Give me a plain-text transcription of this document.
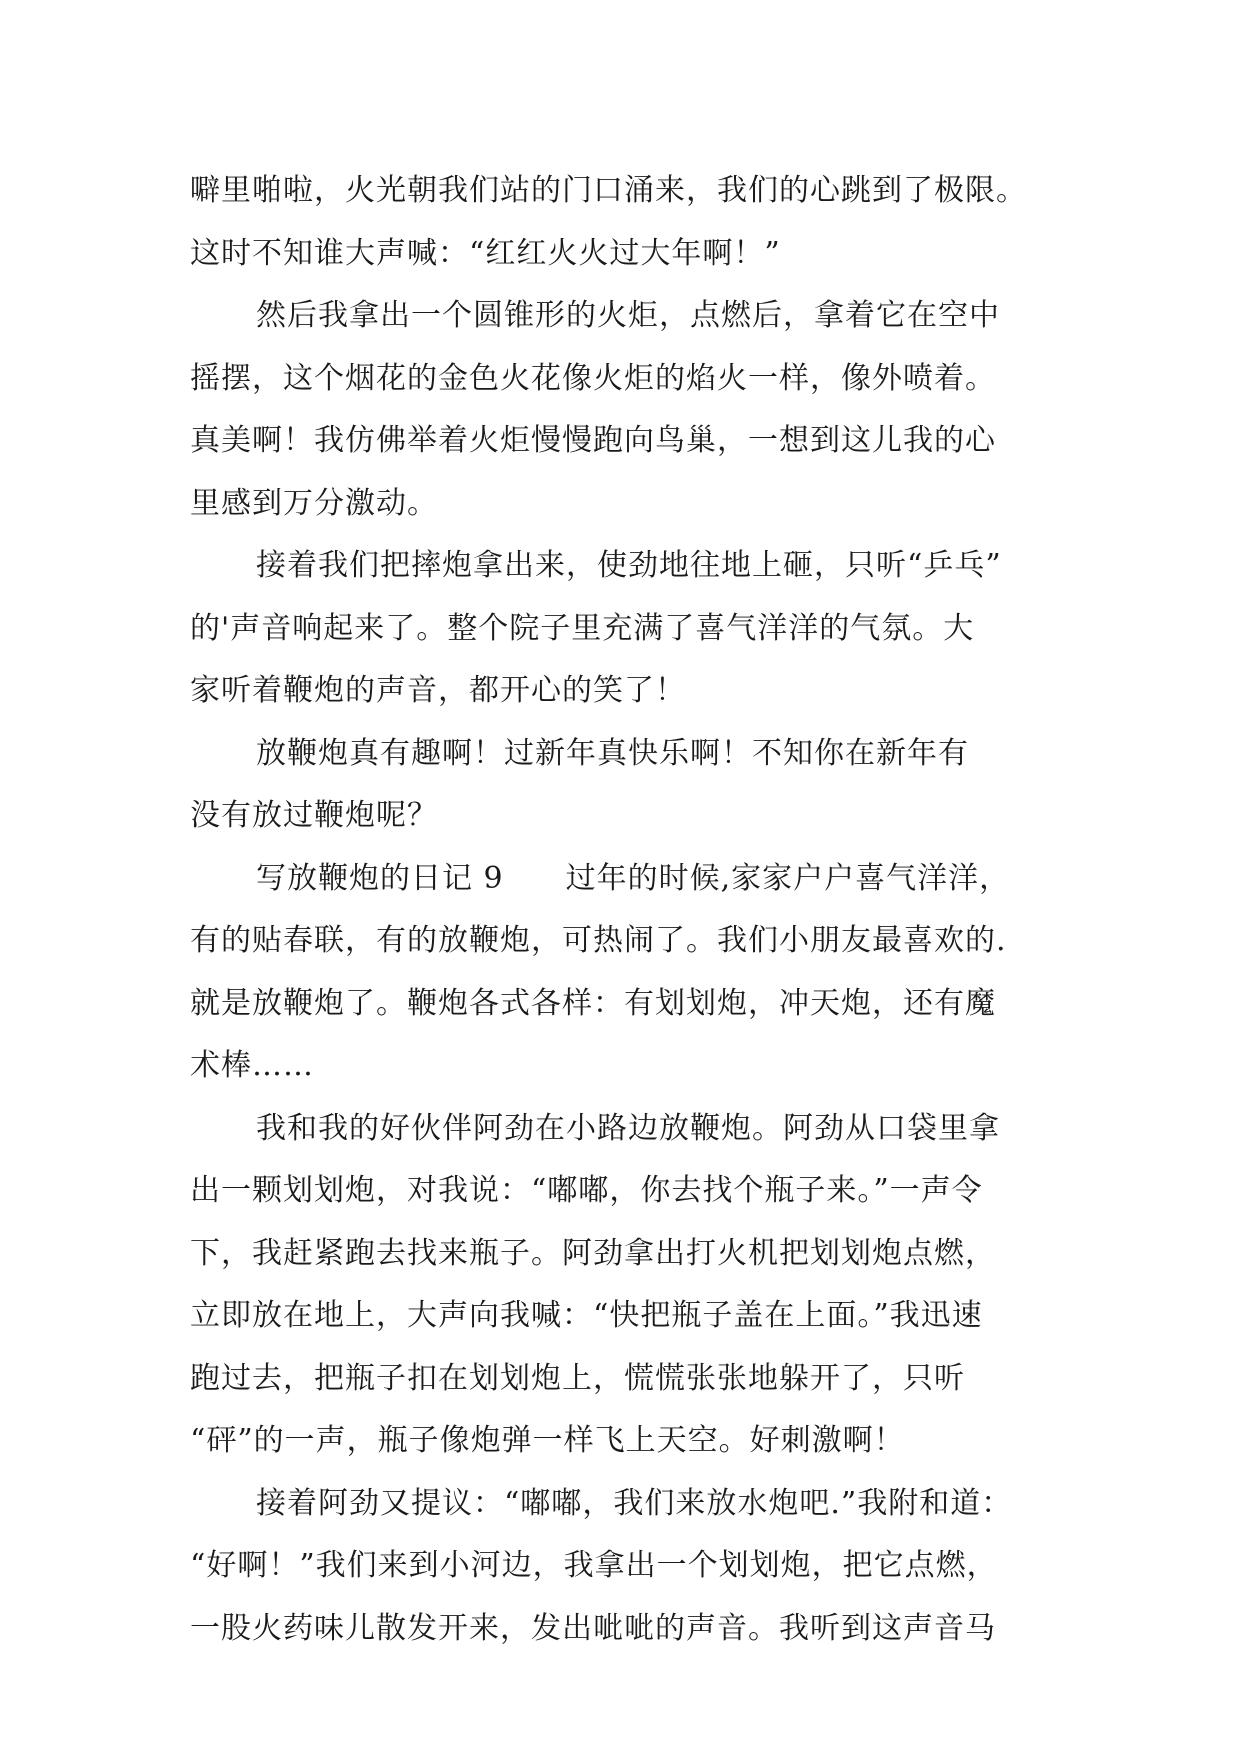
噼里啪啦，火光朝我们站的门口涌来，我们的心跳到了极限。
这时不知谁大声喊：“红红火火过大年啊！”
然后我拿出一个圆锥形的火炬，点燃后，拿着它在空中
摇摆，这个烟花的金色火花像火炬的焰火一样，像外喷着。
真美啊！我仿佛举着火炬慢慢跑向鸟巢，一想到这儿我的心
里感到万分激动。
接着我们把摔炮拿出来，使劲地往地上砸，只听“乒乓”
的'声音响起来了。整个院子里充满了喜气洋洋的气氛。大
家听着鞭炮的声音，都开心的笑了！
放鞭炮真有趣啊！过新年真快乐啊！不知你在新年有
没有放过鞭炮呢？
写放鞭炮的日记 9　　过年的时候,家家户户喜气洋洋，
有的贴春联，有的放鞭炮，可热闹了。我们小朋友最喜欢的.
就是放鞭炮了。鞭炮各式各样：有划划炮，冲天炮，还有魔
术棒……
我和我的好伙伴阿劲在小路边放鞭炮。阿劲从口袋里拿
出一颗划划炮，对我说：“嘟嘟，你去找个瓶子来。”一声令
下，我赶紧跑去找来瓶子。阿劲拿出打火机把划划炮点燃，
立即放在地上，大声向我喊：“快把瓶子盖在上面。”我迅速
跑过去，把瓶子扣在划划炮上，慌慌张张地躲开了，只听
“砰”的一声，瓶子像炮弹一样飞上天空。好刺激啊！
接着阿劲又提议：“嘟嘟，我们来放水炮吧.”我附和道：
“好啊！”我们来到小河边，我拿出一个划划炮，把它点燃，
一股火药味儿散发开来，发出呲呲的声音。我听到这声音马
